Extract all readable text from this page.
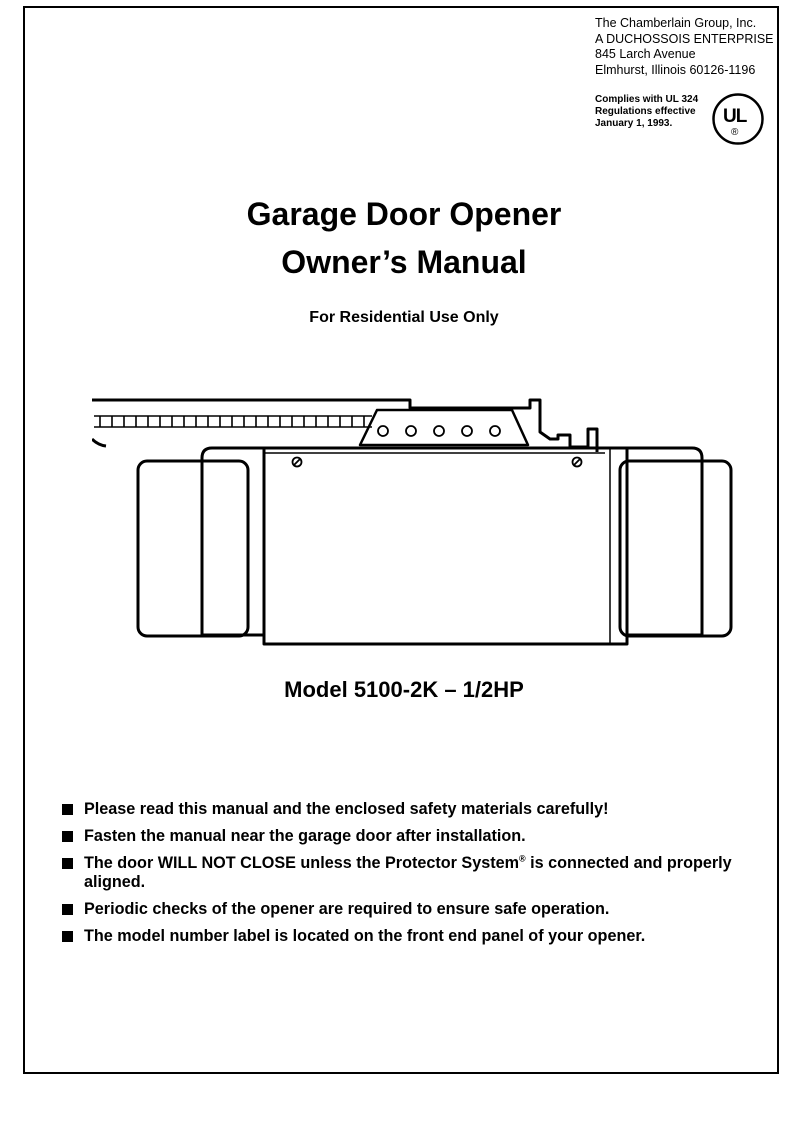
The Chamberlain Group, Inc.
A DUCHOSSOIS ENTERPRISE
845 Larch Avenue
Elmhurst, Illinois 60126-1196
Complies with UL 324
Regulations effective
January 1, 1993.	UL
®
Garage Door Opener
Owner’s Manual
For Residential Use Only
Model 5100-2K – 1/2HP
Please read this manual and the enclosed safety materials carefully!
Fasten the manual near the garage door after installation.
The door WILL NOT CLOSE unless the Protector System® is connected and properly aligned.
Periodic checks of the opener are required to ensure safe operation.
The model number label is located on the front end panel of your opener.
